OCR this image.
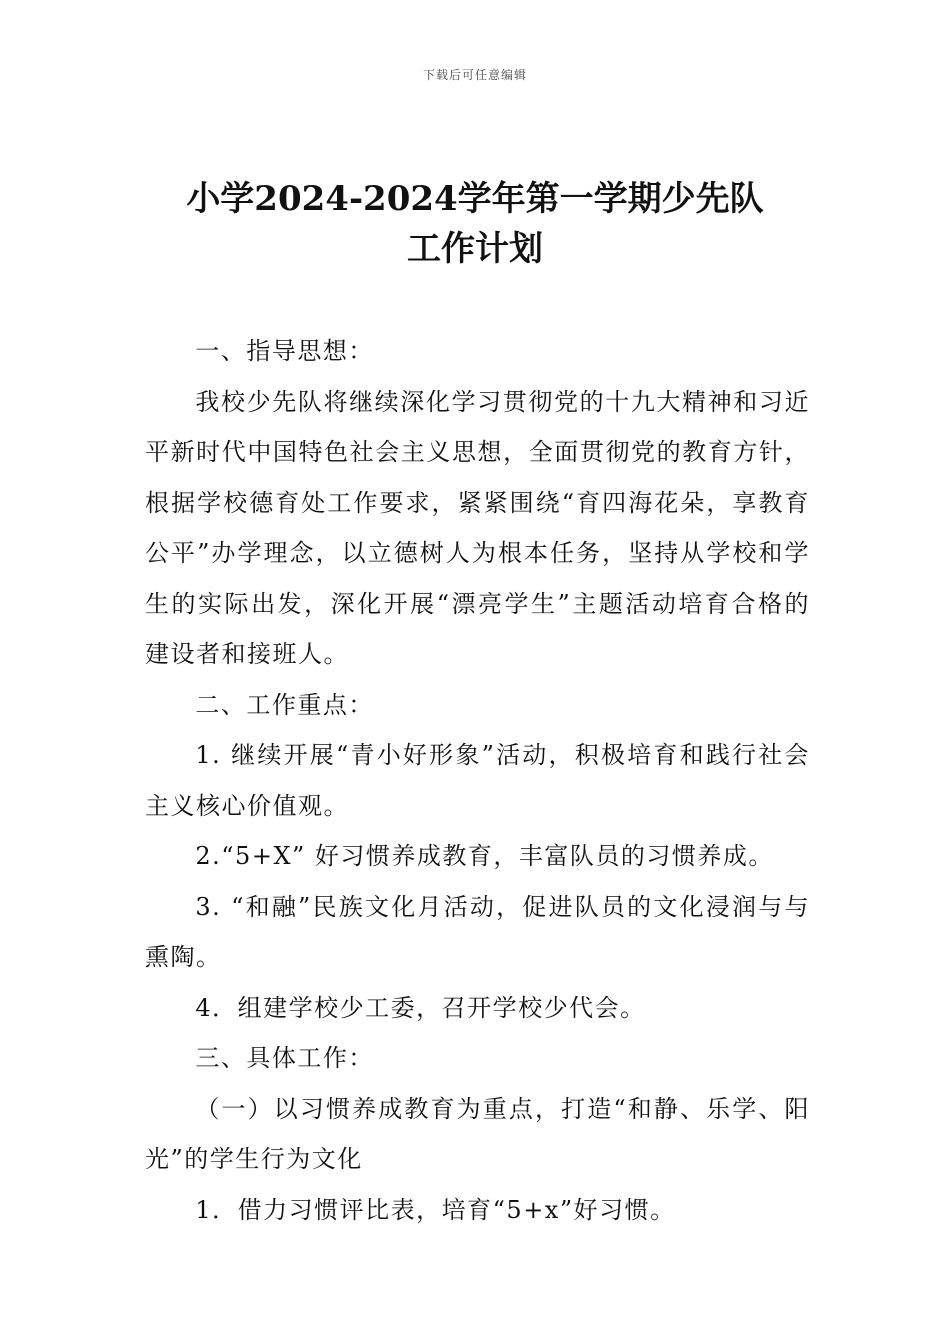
下载后可任意编辑
小学2024-2024学年第一学期少先队
工作计划

一、指导思想：

我校少先队将继续深化学习贯彻党的十九大精神和习近平新时代中国特色社会主义思想，全面贯彻党的教育方针，根据学校德育处工作要求，紧紧围绕“育四海花朵，享教育公平”办学理念，以立德树人为根本任务，坚持从学校和学生的实际出发，深化开展“漂亮学生”主题活动培育合格的建设者和接班人。

二、工作重点：

1. 继续开展“青小好形象”活动，积极培育和践行社会主义核心价值观。

2.“5+X” 好习惯养成教育，丰富队员的习惯养成。

3. “和融”民族文化月活动，促进队员的文化浸润与与熏陶。

4．组建学校少工委，召开学校少代会。

三、具体工作：

（一）以习惯养成教育为重点，打造“和静、乐学、阳光”的学生行为文化

1．借力习惯评比表，培育“5+x”好习惯。
